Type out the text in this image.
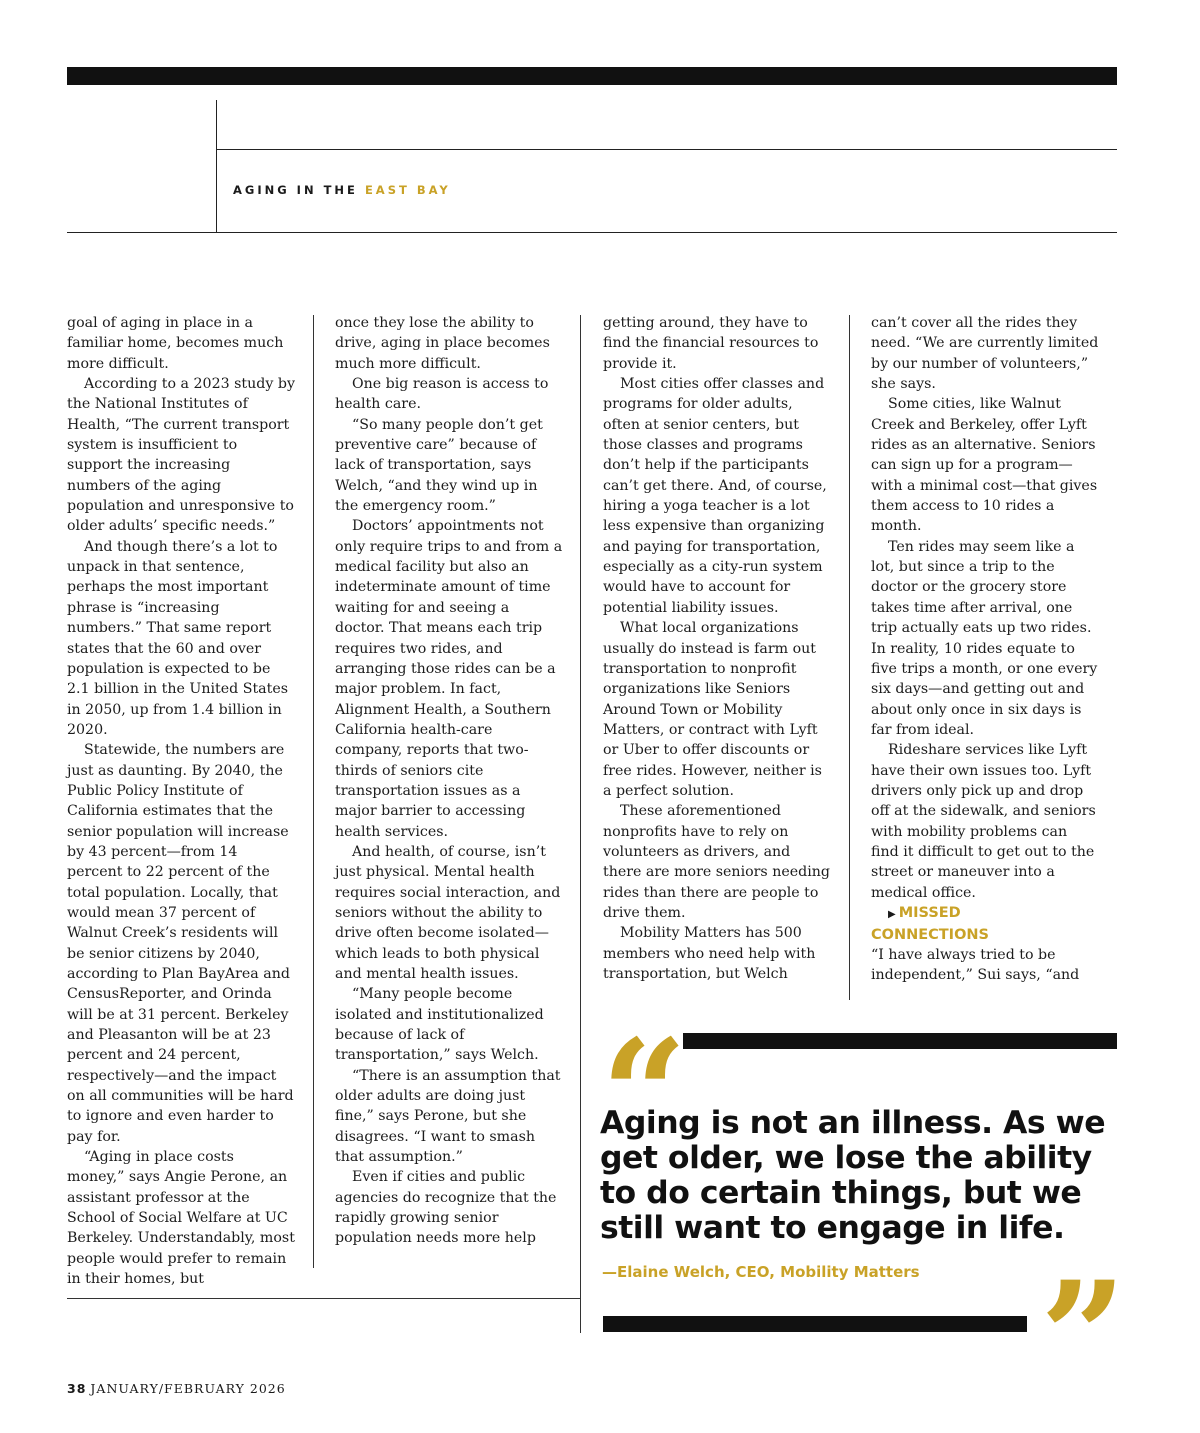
AGING IN THE EAST BAY

goal of aging in place in a familiar home, becomes much more difficult.

According to a 2023 study by the National Institutes of Health, “The current transport system is insufficient to support the increasing numbers of the aging population and unresponsive to older adults’ specific needs.”

And though there’s a lot to unpack in that sentence, perhaps the most important phrase is “increasing numbers.” That same report states that the 60 and over population is expected to be 2.1 billion in the United States in 2050, up from 1.4 billion in 2020.

Statewide, the numbers are just as daunting. By 2040, the Public Policy Institute of California estimates that the senior population will increase by 43 percent—from 14 percent to 22 percent of the total population. Locally, that would mean 37 percent of Walnut Creek’s residents will be senior citizens by 2040, according to Plan BayArea and CensusReporter, and Orinda will be at 31 percent. Berkeley and Pleasanton will be at 23 percent and 24 percent, respectively—and the impact on all communities will be hard to ignore and even harder to pay for.

“Aging in place costs money,” says Angie Perone, an assistant professor at the School of Social Welfare at UC Berkeley. Understandably, most people would prefer to remain in their homes, but

once they lose the ability to drive, aging in place becomes much more difficult.

One big reason is access to health care.

“So many people don’t get preventive care” because of lack of transportation, says Welch, “and they wind up in the emergency room.”

Doctors’ appointments not only require trips to and from a medical facility but also an indeterminate amount of time waiting for and seeing a doctor. That means each trip requires two rides, and arranging those rides can be a major problem. In fact, Alignment Health, a Southern California health-care company, reports that two-thirds of seniors cite transportation issues as a major barrier to accessing health services.

And health, of course, isn’t just physical. Mental health requires social interaction, and seniors without the ability to drive often become isolated—which leads to both physical and mental health issues.

“Many people become isolated and institutionalized because of lack of transportation,” says Welch.

“There is an assumption that older adults are doing just fine,” says Perone, but she disagrees. “I want to smash that assumption.”

Even if cities and public agencies do recognize that the rapidly growing senior population needs more help

getting around, they have to find the financial resources to provide it.

Most cities offer classes and programs for older adults, often at senior centers, but those classes and programs don’t help if the participants can’t get there. And, of course, hiring a yoga teacher is a lot less expensive than organizing and paying for transportation, especially as a city-run system would have to account for potential liability issues.

What local organizations usually do instead is farm out transportation to nonprofit organizations like Seniors Around Town or Mobility Matters, or contract with Lyft or Uber to offer discounts or free rides. However, neither is a perfect solution.

These aforementioned nonprofits have to rely on volunteers as drivers, and there are more seniors needing rides than there are people to drive them.

Mobility Matters has 500 members who need help with transportation, but Welch

can’t cover all the rides they need. “We are currently limited by our number of volunteers,” she says.

Some cities, like Walnut Creek and Berkeley, offer Lyft rides as an alternative. Seniors can sign up for a program—with a minimal cost—that gives them access to 10 rides a month.

Ten rides may seem like a lot, but since a trip to the doctor or the grocery store takes time after arrival, one trip actually eats up two rides. In reality, 10 rides equate to five trips a month, or one every six days—and getting out and about only once in six days is far from ideal.

Rideshare services like Lyft have their own issues too. Lyft drivers only pick up and drop off at the sidewalk, and seniors with mobility problems can find it difficult to get out to the street or maneuver into a medical office.

▶ MISSED
CONNECTIONS

“I have always tried to be independent,” Sui says, “and

“
Aging is not an illness. As we get older, we lose the ability to do certain things, but we still want to engage in life.
—Elaine Welch, CEO, Mobility Matters ”
38 JANUARY/FEBRUARY 2026
